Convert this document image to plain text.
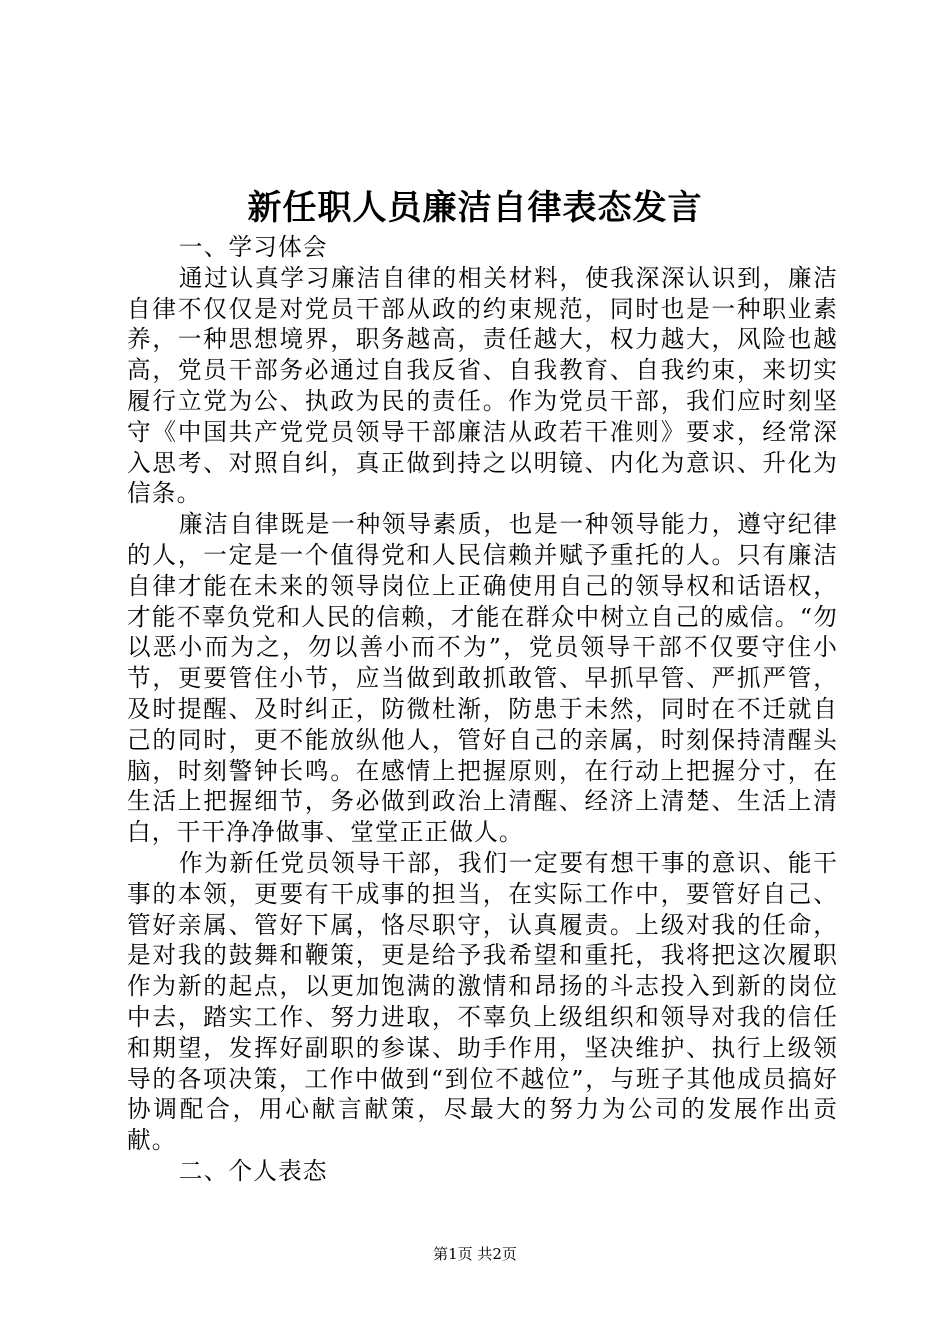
新任职人员廉洁自律表态发言

一、学习体会

通过认真学习廉洁自律的相关材料，使我深深认识到，廉洁自律不仅仅是对党员干部从政的约束规范，同时也是一种职业素养，一种思想境界，职务越高，责任越大，权力越大，风险也越高，党员干部务必通过自我反省、自我教育、自我约束，来切实履行立党为公、执政为民的责任。作为党员干部，我们应时刻坚守《中国共产党党员领导干部廉洁从政若干准则》要求，经常深入思考、对照自纠，真正做到持之以明镜、内化为意识、升化为信条。

廉洁自律既是一种领导素质，也是一种领导能力，遵守纪律的人，一定是一个值得党和人民信赖并赋予重托的人。只有廉洁自律才能在未来的领导岗位上正确使用自己的领导权和话语权，才能不辜负党和人民的信赖，才能在群众中树立自己的威信。“勿以恶小而为之，勿以善小而不为”，党员领导干部不仅要守住小节，更要管住小节，应当做到敢抓敢管、早抓早管、严抓严管，及时提醒、及时纠正，防微杜渐，防患于未然，同时在不迁就自己的同时，更不能放纵他人，管好自己的亲属，时刻保持清醒头脑，时刻警钟长鸣。在感情上把握原则，在行动上把握分寸，在生活上把握细节，务必做到政治上清醒、经济上清楚、生活上清白，干干净净做事、堂堂正正做人。

作为新任党员领导干部，我们一定要有想干事的意识、能干事的本领，更要有干成事的担当，在实际工作中，要管好自己、管好亲属、管好下属，恪尽职守，认真履责。上级对我的任命，是对我的鼓舞和鞭策，更是给予我希望和重托，我将把这次履职作为新的起点，以更加饱满的激情和昂扬的斗志投入到新的岗位中去，踏实工作、努力进取，不辜负上级组织和领导对我的信任和期望，发挥好副职的参谋、助手作用，坚决维护、执行上级领导的各项决策，工作中做到“到位不越位”，与班子其他成员搞好协调配合，用心献言献策，尽最大的努力为公司的发展作出贡献。

二、个人表态

第1页 共2页
